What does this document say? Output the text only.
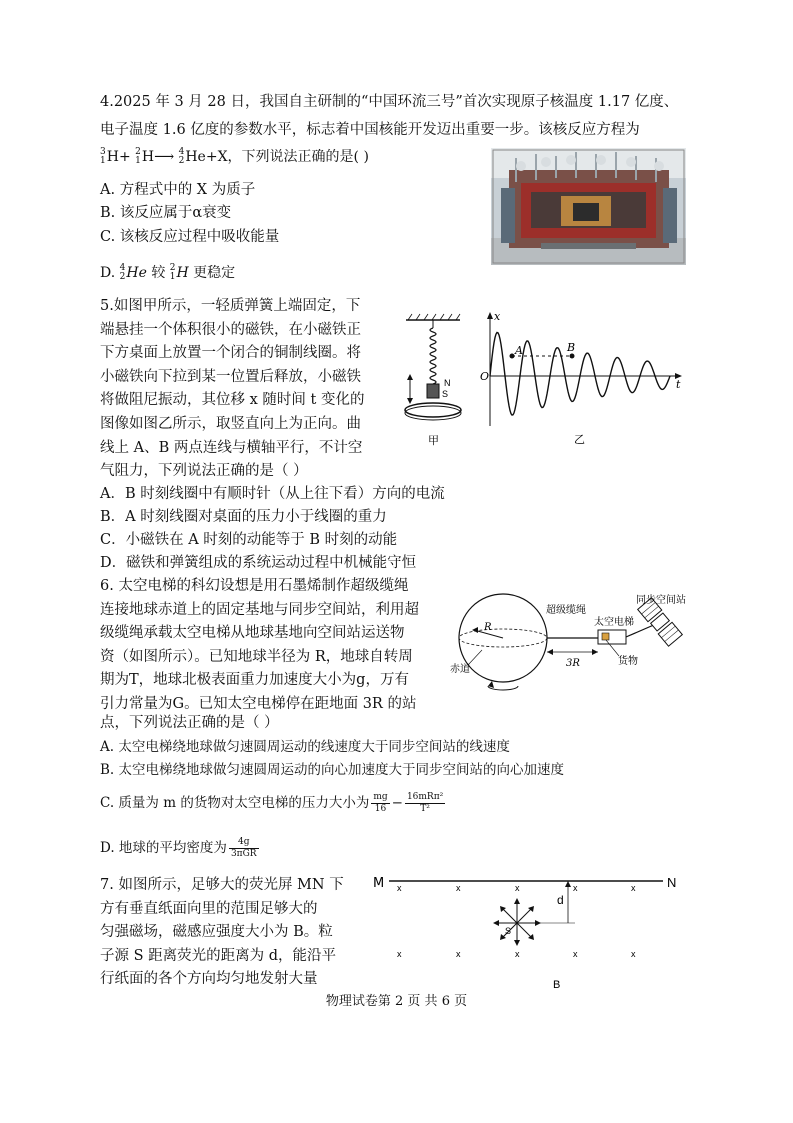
4.2025 年 3 月 28 日，我国自主研制的“中国环流三号”首次实现原子核温度 1.17 亿度、
电子温度 1.6 亿度的参数水平，标志着中国核能开发迈出重要一步。该核反应方程为
3
1 H+ 2
1 H⟶ 4
2 He+X，下列说法正确的是( )
A. 方程式中的 X 为质子
B. 该反应属于α衰变
C. 该核反应过程中吸收能量
D. 4
2 He 较 2
1 H 更稳定
5.如图甲所示，一轻质弹簧上端固定，下
端悬挂一个体积很小的磁铁，在小磁铁正
下方桌面上放置一个闭合的铜制线圈。将
小磁铁向下拉到某一位置后释放，小磁铁
将做阻尼振动，其位移 x 随时间 t 变化的
图像如图乙所示，取竖直向上为正向。曲
线上 A、B 两点连线与横轴平行，不计空
气阻力，下列说法正确的是（ ）
A．B 时刻线圈中有顺时针（从上往下看）方向的电流
B．A 时刻线圈对桌面的压力小于线圈的重力
C．小磁铁在 A 时刻的动能等于 B 时刻的动能
D．磁铁和弹簧组成的系统运动过程中机械能守恒
N
S
甲
x
t
O
A	B
乙
6. 太空电梯的科幻设想是用石墨烯制作超级缆绳
连接地球赤道上的固定基地与同步空间站，利用超
级缆绳承载太空电梯从地球基地向空间站运送物
资（如图所示）。已知地球半径为 R，地球自转周
期为T，地球北极表面重力加速度大小为g，万有
引力常量为G。已知太空电梯停在距地面 3R 的站
点，下列说法正确的是（ ）
A. 太空电梯绕地球做匀速圆周运动的线速度大于同步空间站的线速度
B. 太空电梯绕地球做匀速圆周运动的向心加速度大于同步空间站的向心加速度
C. 质量为 m 的货物对太空电梯的压力大小为 $\frac{mg}{16} - \frac{\text{16mRπ²}}{\text{T²}}$
D. 地球的平均密度为 $\frac{4g}{\text{3πGR}}$
R
3R
超级缆绳
太空电梯
同步空间站
货物
赤道
7. 如图所示，足够大的荧光屏 MN 下
方有垂直纸面向里的范围足够大的
匀强磁场，磁感应强度大小为 B。粒
子源 S 距离荧光的距离为 d，能沿平
行纸面的各个方向均匀地发射大量
M	N
x	x	x	x	x
x	x	x	x	x
d
S
B
物理试卷第 2 页 共 6 页
